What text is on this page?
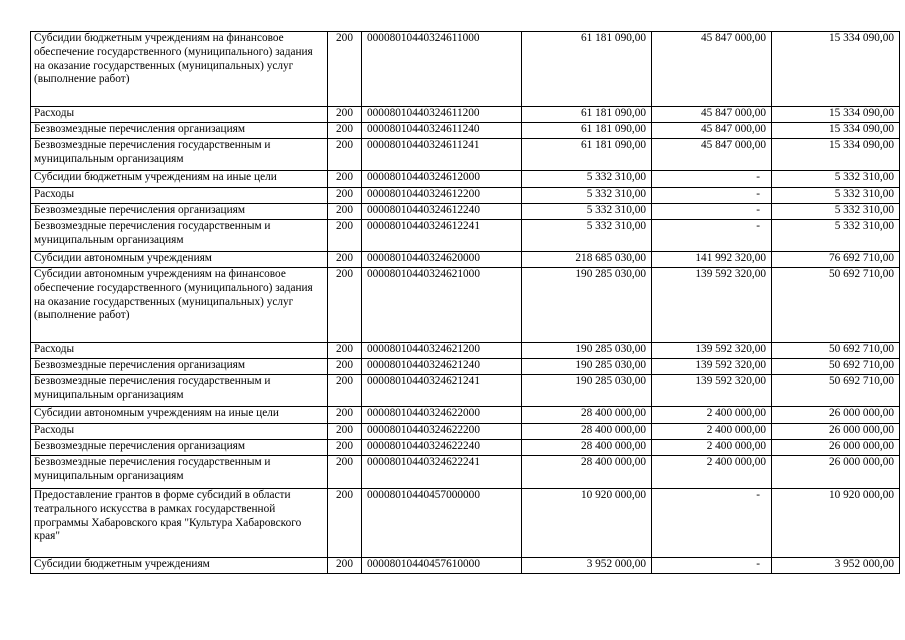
Субсидии бюджетным учреждениям на финансовое обеспечение государственного (муниципального) задания на оказание государственных (муниципальных) услуг (выполнение работ)	200	00008010440324611000	61 181 090,00	45 847 000,00	15 334 090,00
Расходы	200	00008010440324611200	61 181 090,00	45 847 000,00	15 334 090,00
Безвозмездные перечисления организациям	200	00008010440324611240	61 181 090,00	45 847 000,00	15 334 090,00
Безвозмездные перечисления государственным и муниципальным организациям	200	00008010440324611241	61 181 090,00	45 847 000,00	15 334 090,00
Субсидии бюджетным учреждениям на иные цели	200	00008010440324612000	5 332 310,00	-	5 332 310,00
Расходы	200	00008010440324612200	5 332 310,00	-	5 332 310,00
Безвозмездные перечисления организациям	200	00008010440324612240	5 332 310,00	-	5 332 310,00
Безвозмездные перечисления государственным и муниципальным организациям	200	00008010440324612241	5 332 310,00	-	5 332 310,00
Субсидии автономным учреждениям	200	00008010440324620000	218 685 030,00	141 992 320,00	76 692 710,00
Субсидии автономным учреждениям на финансовое обеспечение государственного (муниципального) задания на оказание государственных (муниципальных) услуг (выполнение работ)	200	00008010440324621000	190 285 030,00	139 592 320,00	50 692 710,00
Расходы	200	00008010440324621200	190 285 030,00	139 592 320,00	50 692 710,00
Безвозмездные перечисления организациям	200	00008010440324621240	190 285 030,00	139 592 320,00	50 692 710,00
Безвозмездные перечисления государственным и муниципальным организациям	200	00008010440324621241	190 285 030,00	139 592 320,00	50 692 710,00
Субсидии автономным учреждениям на иные цели	200	00008010440324622000	28 400 000,00	2 400 000,00	26 000 000,00
Расходы	200	00008010440324622200	28 400 000,00	2 400 000,00	26 000 000,00
Безвозмездные перечисления организациям	200	00008010440324622240	28 400 000,00	2 400 000,00	26 000 000,00
Безвозмездные перечисления государственным и муниципальным организациям	200	00008010440324622241	28 400 000,00	2 400 000,00	26 000 000,00
Предоставление грантов в форме субсидий в области театрального искусства в рамках государственной программы Хабаровского края "Культура Хабаровского края"	200	00008010440457000000	10 920 000,00	-	10 920 000,00
Субсидии бюджетным учреждениям	200	00008010440457610000	3 952 000,00	-	3 952 000,00
